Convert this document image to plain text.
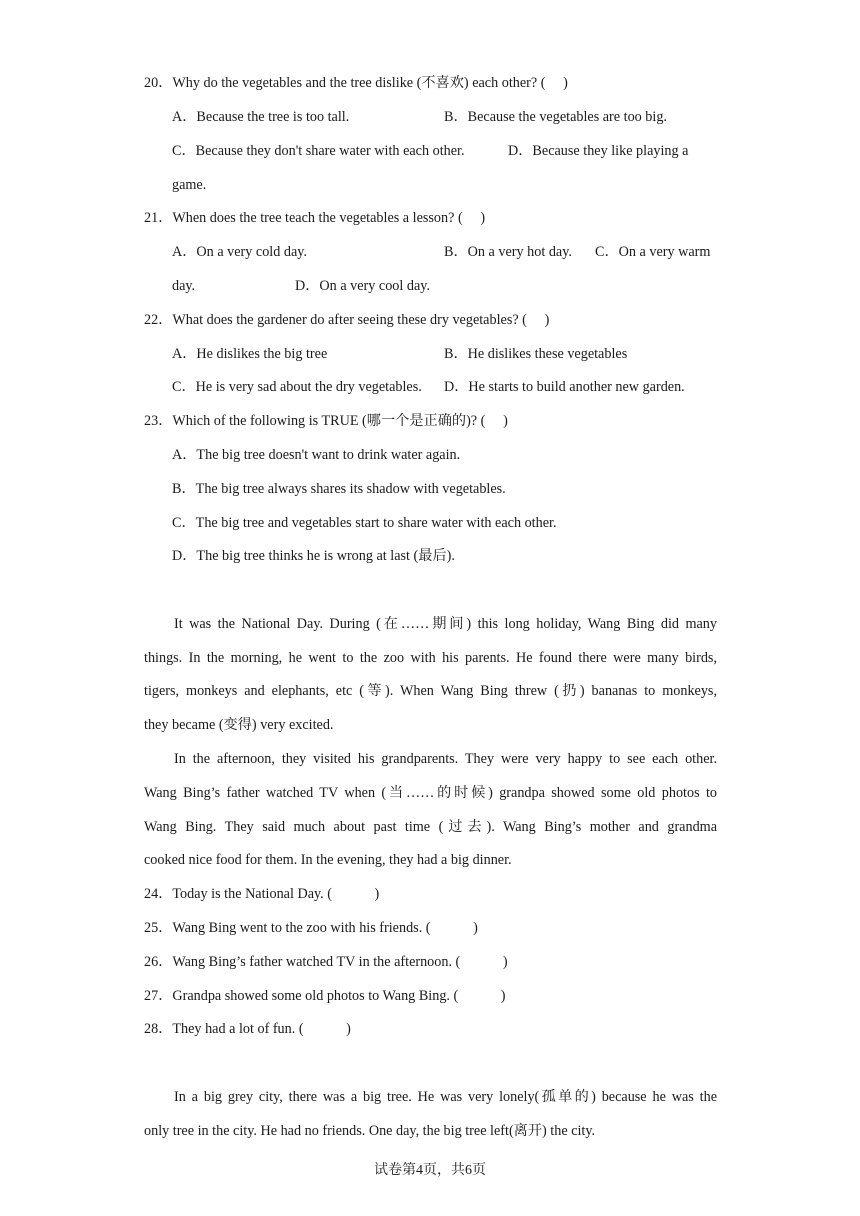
20．Why do the vegetables and the tree dislike (不喜欢) each other? (　 )
A．Because the tree is too tall.	B．Because the vegetables are too big.
C．Because they don't share water with each other.	D．Because they like playing a
game.
21．When does the tree teach the vegetables a lesson? (　 )
A．On a very cold day.	B．On a very hot day. C．On a very warm
day.	D．On a very cool day.
22．What does the gardener do after seeing these dry vegetables? (　 )
A．He dislikes the big tree	B．He dislikes these vegetables
C．He is very sad about the dry vegetables. D．He starts to build another new garden.
23．Which of the following is TRUE (哪一个是正确的)? (　 )
A．The big tree doesn't want to drink water again.
B．The big tree always shares its shadow with vegetables.
C．The big tree and vegetables start to share water with each other.
D．The big tree thinks he is wrong at last (最后).
It was the National Day. During (在……期间) this long holiday, Wang Bing did many
things. In the morning, he went to the zoo with his parents. He found there were many birds,
tigers, monkeys and elephants, etc (等). When Wang Bing threw (扔) bananas to monkeys,
they became (变得) very excited.
In the afternoon, they visited his grandparents. They were very happy to see each other.
Wang Bing’s father watched TV when (当……的时候) grandpa showed some old photos to
Wang Bing. They said much about past time (过去). Wang Bing’s mother and grandma
cooked nice food for them. In the evening, they had a big dinner.
24．Today is the National Day. (　　　)
25．Wang Bing went to the zoo with his friends. (　　　)
26．Wang Bing’s father watched TV in the afternoon. (　　　)
27．Grandpa showed some old photos to Wang Bing. (　　　)
28．They had a lot of fun. (　　　)
In a big grey city, there was a big tree. He was very lonely(孤单的) because he was the
only tree in the city. He had no friends. One day, the big tree left(离开) the city.
试卷第4页，共6页
